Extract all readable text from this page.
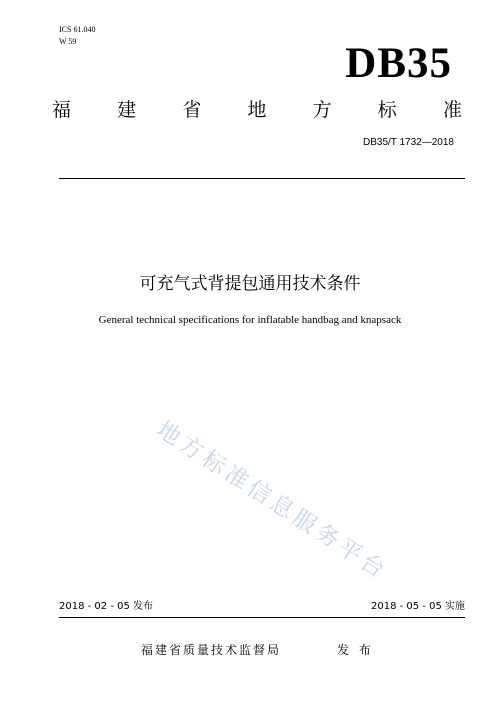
ICS 61.040
W 59	DB35
福 建 省 地 方 标 准
DB35/T 1732—2018
可充气式背提包通用技术条件
General technical specifications for inflatable handbag and knapsack
地方标准信息服务平台
2018 - 02 - 05 发布	2018 - 05 - 05 实施
福建省质量技术监督局	发 布
